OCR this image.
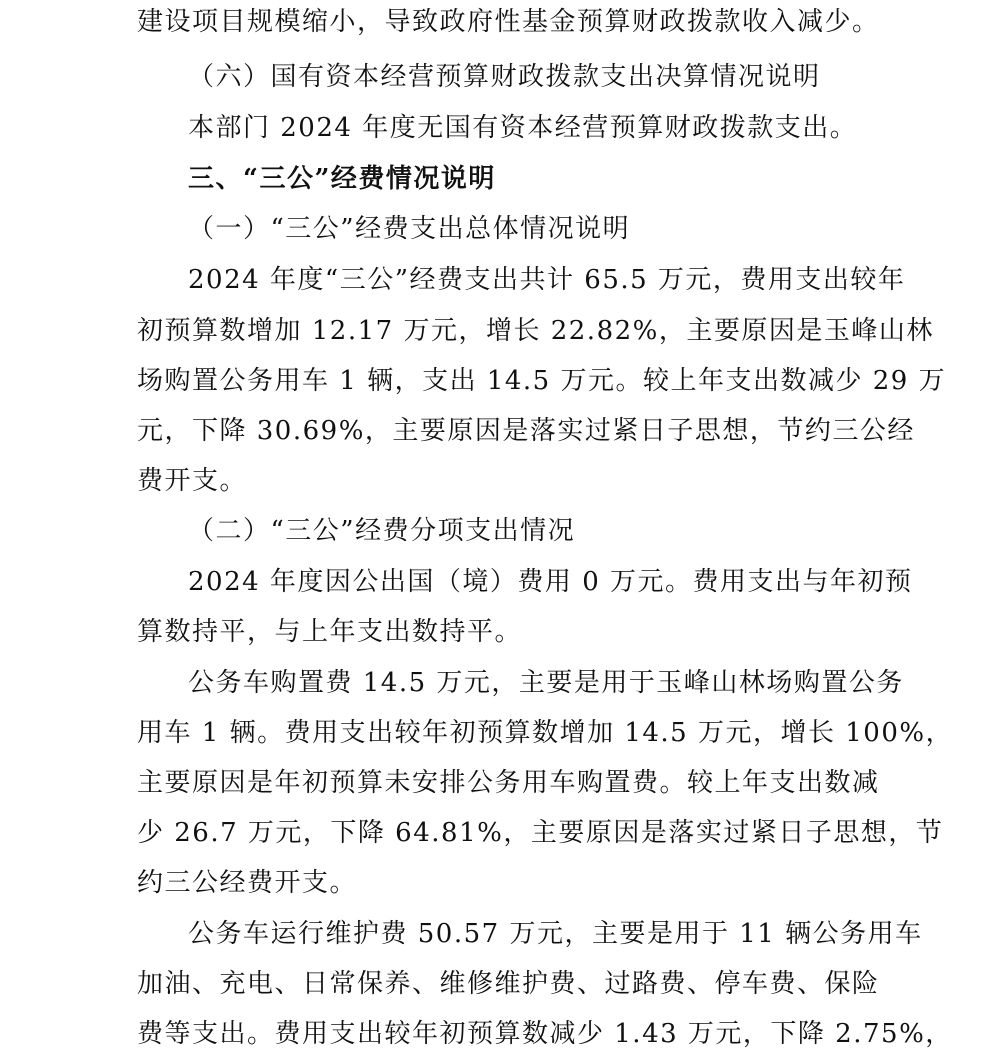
建设项目规模缩小，导致政府性基金预算财政拨款收入减少。
（六）国有资本经营预算财政拨款支出决算情况说明
本部门 2024 年度无国有资本经营预算财政拨款支出。
三、“三公”经费情况说明
（一）“三公”经费支出总体情况说明
2024 年度“三公”经费支出共计 65.5 万元，费用支出较年
初预算数增加 12.17 万元，增长 22.82%，主要原因是玉峰山林
场购置公务用车 1 辆，支出 14.5 万元。较上年支出数减少 29 万
元，下降 30.69%，主要原因是落实过紧日子思想，节约三公经
费开支。
（二）“三公”经费分项支出情况
2024 年度因公出国（境）费用 0 万元。费用支出与年初预
算数持平，与上年支出数持平。
公务车购置费 14.5 万元，主要是用于玉峰山林场购置公务
用车 1 辆。费用支出较年初预算数增加 14.5 万元，增长 100%，
主要原因是年初预算未安排公务用车购置费。较上年支出数减
少 26.7 万元，下降 64.81%，主要原因是落实过紧日子思想，节
约三公经费开支。
公务车运行维护费 50.57 万元，主要是用于 11 辆公务用车
加油、充电、日常保养、维修维护费、过路费、停车费、保险
费等支出。费用支出较年初预算数减少 1.43 万元，下降 2.75%，
